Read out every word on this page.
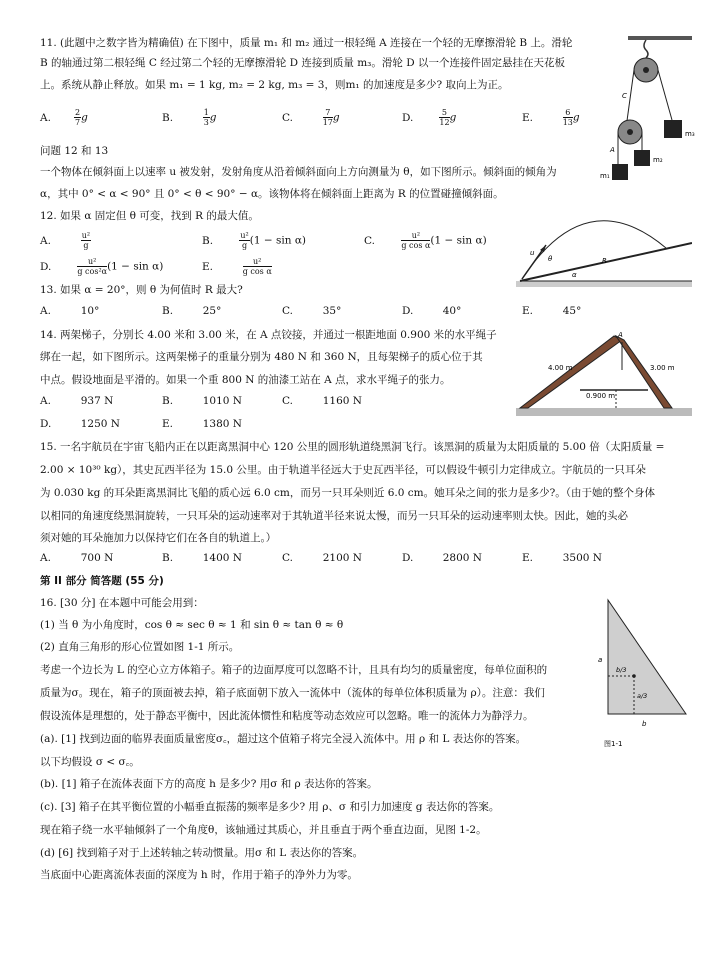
11. (此题中之数字皆为精确值) 在下图中，质量 m₁ 和 m₂ 通过一根轻绳 A 连接在一个轻的无摩擦滑轮 B 上。滑轮
B 的轴通过第二根轻绳 C 经过第二个轻的无摩擦滑轮 D 连接到质量 m₃。滑轮 D 以一个连接件固定悬挂在天花板
上。系统从静止释放。如果 m₁ = 1 kg, m₂ = 2 kg, m₃ = 3，则m₁ 的加速度是多少? 取向上为正。
A.	$\frac{2}{7}$ g	B.	$\frac{1}{3}$ g	C.	$\frac{7}{17}$ g	D.	$\frac{5}{12}$ g	E.	$\frac{6}{13}$ g
m₃
C
A
m₂
m₁
问题 12 和 13
一个物体在倾斜面上以速率 u 被发射，发射角度从沿着倾斜面向上方向测量为 θ，如下图所示。倾斜面的倾角为
α，其中 0° < α < 90° 且 0° < θ < 90° − α。该物体将在倾斜面上距离为 R 的位置碰撞倾斜面。
12. 如果 α 固定但 θ 可变，找到 R 的最大值。
A.	$\frac{\text{u²}}{g}$	B.	$\frac{\text{u²}}{g} (1 - \sin \alpha)$	C.	$\frac{\text{u²}}{\text{g cos α}} (1 - \sin \alpha)$
D.	$\frac{\text{u²}}{\text{g cos²α}} (1 - \sin \alpha)$	E.	$\frac{\text{u²}}{\text{g cos α}}$
u
θ	R
α
13. 如果 α = 20°，则 θ 为何值时 R 最大?
A.	10°	B.	25°	C.	35°	D.	40°	E.	45°
14. 两架梯子，分别长 4.00 米和 3.00 米，在 A 点铰接，并通过一根距地面 0.900 米的水平绳子
绑在一起，如下图所示。这两架梯子的重量分别为 480 N 和 360 N，且每架梯子的质心位于其
中点。假设地面是平滑的。如果一个重 800 N 的油漆工站在 A 点，求水平绳子的张力。
A.	937 N	B.	1010 N	C.	1160 N
D.	1250 N	E.	1380 N
A
4.00 m	3.00 m
0.900 m
15. 一名宇航员在宇宙飞船内正在以距离黑洞中心 120 公里的圆形轨道绕黑洞飞行。该黑洞的质量为太阳质量的 5.00 倍（太阳质量 =
2.00 × 10³⁰ kg），其史瓦西半径为 15.0 公里。由于轨道半径远大于史瓦西半径，可以假设牛顿引力定律成立。宇航员的一只耳朵
为 0.030 kg 的耳朵距离黑洞比飞船的质心远 6.0 cm，而另一只耳朵则近 6.0 cm。她耳朵之间的张力是多少?。（由于她的整个身体
以相同的角速度绕黑洞旋转，一只耳朵的运动速率对于其轨道半径来说太慢，而另一只耳朵的运动速率则太快。因此，她的头必
须对她的耳朵施加力以保持它们在各自的轨道上。）
A.	700 N	B.	1400 N	C.	2100 N	D.	2800 N	E.	3500 N
第 II 部分 简答题 (55 分)
16. [30 分] 在本题中可能会用到：
(1) 当 θ 为小角度时，cos θ ≈ sec θ ≈ 1 和 sin θ ≈ tan θ ≈ θ
(2) 直角三角形的形心位置如图 1-1 所示。
考虑一个边长为 L 的空心立方体箱子。箱子的边面厚度可以忽略不计，且具有均匀的质量密度，每单位面积的
质量为σ。现在，箱子的顶面被去掉，箱子底面朝下放入一流体中（流体的每单位体积质量为 ρ）。注意：我们
假设流体是理想的，处于静态平衡中，因此流体惯性和粘度等动态效应可以忽略。唯一的流体力为静浮力。
(a). [1] 找到边面的临界表面质量密度σ꜀，超过这个值箱子将完全浸入流体中。用 ρ 和 L 表达你的答案。
以下均假设 σ < σ꜀。
(b). [1] 箱子在流体表面下方的高度 h 是多少? 用σ 和 ρ 表达你的答案。
(c). [3] 箱子在其平衡位置的小幅垂直振荡的频率是多少? 用 ρ、σ 和引力加速度 g 表达你的答案。
现在箱子绕一水平轴倾斜了一个角度θ，该轴通过其质心，并且垂直于两个垂直边面，见图 1-2。
(d) [6] 找到箱子对于上述转轴之转动惯量。用σ 和 L 表达你的答案。
当底面中心距离流体表面的深度为 h 时，作用于箱子的净外力为零。
a
b
b/3
a/3
图1-1
